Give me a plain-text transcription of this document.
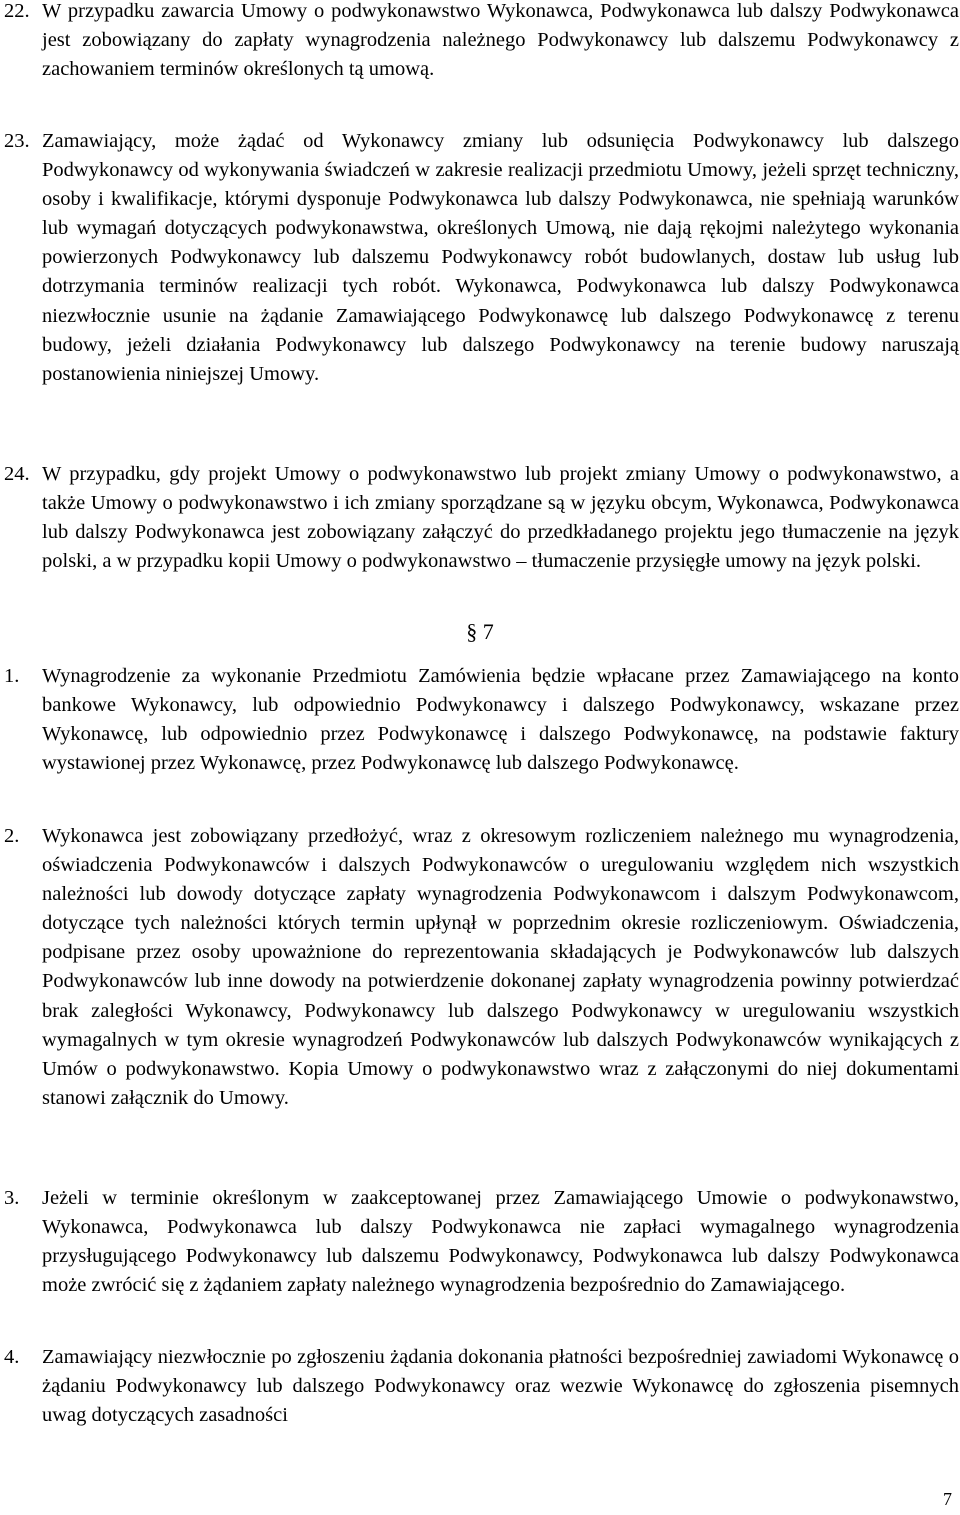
22. W przypadku zawarcia Umowy o podwykonawstwo Wykonawca, Podwykonawca lub dalszy Podwykonawca jest zobowiązany do zapłaty wynagrodzenia należnego Podwykonawcy lub dalszemu Podwykonawcy z zachowaniem terminów określonych tą umową.
23. Zamawiający, może żądać od Wykonawcy zmiany lub odsunięcia Podwykonawcy lub dalszego Podwykonawcy od wykonywania świadczeń w zakresie realizacji przedmiotu Umowy, jeżeli sprzęt techniczny, osoby i kwalifikacje, którymi dysponuje Podwykonawca lub dalszy Podwykonawca, nie spełniają warunków lub wymagań dotyczących podwykonawstwa, określonych Umową, nie dają rękojmi należytego wykonania powierzonych Podwykonawcy lub dalszemu Podwykonawcy robót budowlanych, dostaw lub usług lub dotrzymania terminów realizacji tych robót. Wykonawca, Podwykonawca lub dalszy Podwykonawca niezwłocznie usunie na żądanie Zamawiającego Podwykonawcę lub dalszego Podwykonawcę z terenu budowy, jeżeli działania Podwykonawcy lub dalszego Podwykonawcy na terenie budowy naruszają postanowienia niniejszej Umowy.
24. W przypadku, gdy projekt Umowy o podwykonawstwo lub projekt zmiany Umowy o podwykonawstwo, a także Umowy o podwykonawstwo i ich zmiany sporządzane są w języku obcym, Wykonawca, Podwykonawca lub dalszy Podwykonawca jest zobowiązany załączyć do przedkładanego projektu jego tłumaczenie na język polski, a w przypadku kopii Umowy o podwykonawstwo – tłumaczenie przysięgłe umowy na język polski.
§ 7
1. Wynagrodzenie za wykonanie Przedmiotu Zamówienia będzie wpłacane przez Zamawiającego na konto bankowe Wykonawcy, lub odpowiednio Podwykonawcy i dalszego Podwykonawcy, wskazane przez Wykonawcę, lub odpowiednio przez Podwykonawcę i dalszego Podwykonawcę, na podstawie faktury wystawionej przez Wykonawcę, przez Podwykonawcę lub dalszego Podwykonawcę.
2. Wykonawca jest zobowiązany przedłożyć, wraz z okresowym rozliczeniem należnego mu wynagrodzenia, oświadczenia Podwykonawców i dalszych Podwykonawców o uregulowaniu względem nich wszystkich należności lub dowody dotyczące zapłaty wynagrodzenia Podwykonawcom i dalszym Podwykonawcom, dotyczące tych należności których termin upłynął w poprzednim okresie rozliczeniowym. Oświadczenia, podpisane przez osoby upoważnione do reprezentowania składających je Podwykonawców lub dalszych Podwykonawców lub inne dowody na potwierdzenie dokonanej zapłaty wynagrodzenia powinny potwierdzać brak zaległości Wykonawcy, Podwykonawcy lub dalszego Podwykonawcy w uregulowaniu wszystkich wymagalnych w tym okresie wynagrodzeń Podwykonawców lub dalszych Podwykonawców wynikających z Umów o podwykonawstwo. Kopia Umowy o podwykonawstwo wraz z załączonymi do niej dokumentami stanowi załącznik do Umowy.
3. Jeżeli w terminie określonym w zaakceptowanej przez Zamawiającego Umowie o podwykonawstwo, Wykonawca, Podwykonawca lub dalszy Podwykonawca nie zapłaci wymagalnego wynagrodzenia przysługującego Podwykonawcy lub dalszemu Podwykonawcy, Podwykonawca lub dalszy Podwykonawca może zwrócić się z żądaniem zapłaty należnego wynagrodzenia bezpośrednio do Zamawiającego.
4. Zamawiający niezwłocznie po zgłoszeniu żądania dokonania płatności bezpośredniej zawiadomi Wykonawcę o żądaniu Podwykonawcy lub dalszego Podwykonawcy oraz wezwie Wykonawcę do zgłoszenia pisemnych uwag dotyczących zasadności
7
